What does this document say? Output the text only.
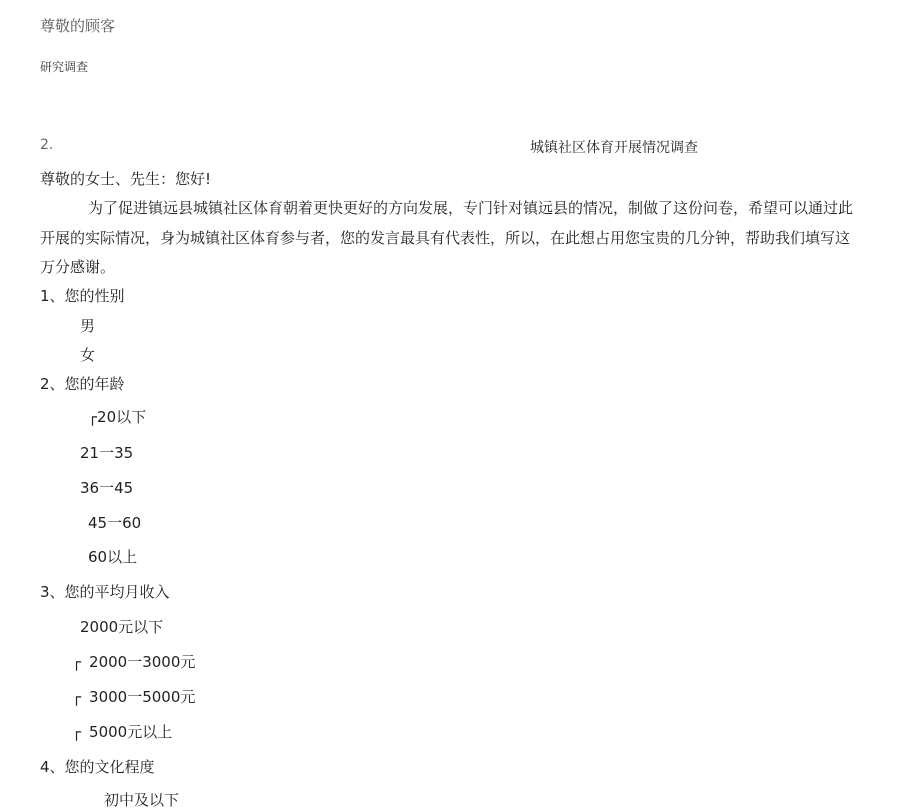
尊敬的顾客
研究调查
2.	城镇社区体育开展情况调查
尊敬的女士、先生：您好!
为了促进镇远县城镇社区体育朝着更快更好的方向发展，专门针对镇远县的情况，制做了这份问卷，希望可以通过此
开展的实际情况，身为城镇社区体育参与者，您的发言最具有代表性，所以，在此想占用您宝贵的几分钟，帮助我们填写这
万分感谢。
1、您的性别
男
女
2、您的年龄
┌20以下
21一35
36一45
45一60
60以上
3、您的平均月收入
2000元以下
┌ 2000一3000元
┌ 3000一5000元
┌ 5000元以上
4、您的文化程度
初中及以下
